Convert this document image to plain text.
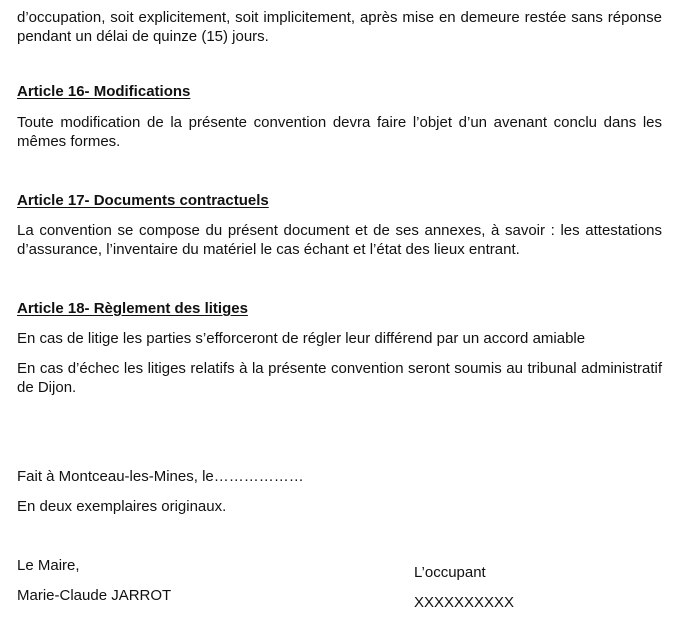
d’occupation, soit explicitement, soit implicitement, après mise en demeure restée sans réponse pendant un délai de quinze (15) jours.
Article 16- Modifications
Toute modification de la présente convention devra faire l’objet d’un avenant conclu dans les mêmes formes.
Article 17- Documents contractuels
La convention se compose du présent document et de ses annexes, à savoir : les attestations d’assurance, l’inventaire du matériel le cas échant et l’état des lieux entrant.
Article 18- Règlement des litiges
En cas de litige les parties s’efforceront de régler leur différend par un accord amiable
En cas d’échec les litiges relatifs à la présente convention seront soumis au tribunal administratif de Dijon.
Fait à Montceau-les-Mines, le………………
En deux exemplaires originaux.
Le Maire,
Marie-Claude JARROT
L’occupant
XXXXXXXXXX
